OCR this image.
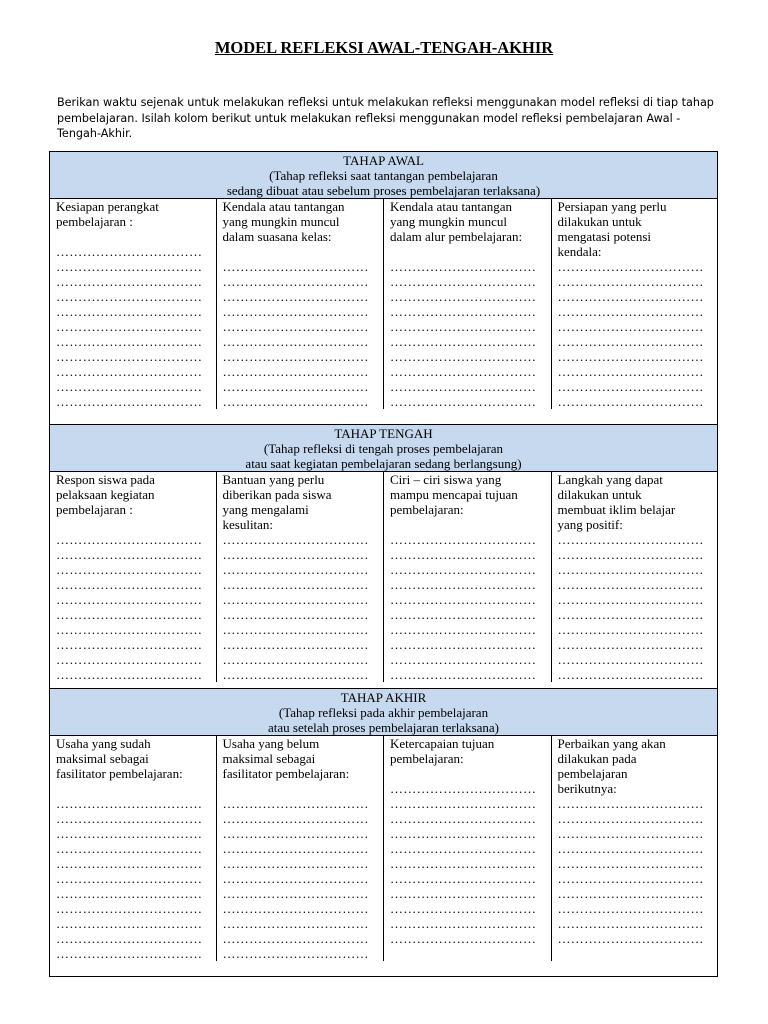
MODEL REFLEKSI AWAL-TENGAH-AKHIR

Berikan waktu sejenak untuk melakukan refleksi untuk melakukan refleksi menggunakan model refleksi di tiap tahap pembelajaran. Isilah kolom berikut untuk melakukan refleksi menggunakan model refleksi pembelajaran Awal - Tengah-Akhir.

TAHAP AWAL
(Tahap refleksi saat tantangan pembelajaran
sedang dibuat atau sebelum proses pembelajaran terlaksana)
Kesiapan perangkat
pembelajaran :
……………………………
……………………………
……………………………
……………………………
……………………………
……………………………
……………………………
……………………………
……………………………
……………………………
……………………………
Kendala atau tantangan
yang mungkin muncul
dalam suasana kelas:
……………………………
……………………………
……………………………
……………………………
……………………………
……………………………
……………………………
……………………………
……………………………
……………………………
Kendala atau tantangan
yang mungkin muncul
dalam alur pembelajaran:
……………………………
……………………………
……………………………
……………………………
……………………………
……………………………
……………………………
……………………………
……………………………
……………………………
Persiapan yang perlu
dilakukan untuk
mengatasi potensi
kendala:
……………………………
……………………………
……………………………
……………………………
……………………………
……………………………
……………………………
……………………………
……………………………
……………………………
TAHAP TENGAH
(Tahap refleksi di tengah proses pembelajaran
atau saat kegiatan pembelajaran sedang berlangsung)
Respon siswa pada
pelaksaan kegiatan
pembelajaran :
……………………………
……………………………
……………………………
……………………………
……………………………
……………………………
……………………………
……………………………
……………………………
……………………………
Bantuan yang perlu
diberikan pada siswa
yang mengalami
kesulitan:
……………………………
……………………………
……………………………
……………………………
……………………………
……………………………
……………………………
……………………………
……………………………
……………………………
Ciri – ciri siswa yang
mampu mencapai tujuan
pembelajaran:
……………………………
……………………………
……………………………
……………………………
……………………………
……………………………
……………………………
……………………………
……………………………
……………………………
Langkah yang dapat
dilakukan untuk
membuat iklim belajar
yang positif:
……………………………
……………………………
……………………………
……………………………
……………………………
……………………………
……………………………
……………………………
……………………………
……………………………
TAHAP AKHIR
(Tahap refleksi pada akhir pembelajaran
atau setelah proses pembelajaran terlaksana)
Usaha yang sudah
maksimal sebagai
fasilitator pembelajaran:
……………………………
……………………………
……………………………
……………………………
……………………………
……………………………
……………………………
……………………………
……………………………
……………………………
……………………………
Usaha yang belum
maksimal sebagai
fasilitator pembelajaran:
……………………………
……………………………
……………………………
……………………………
……………………………
……………………………
……………………………
……………………………
……………………………
……………………………
……………………………
Ketercapaian tujuan
pembelajaran:
……………………………
……………………………
……………………………
……………………………
……………………………
……………………………
……………………………
……………………………
……………………………
……………………………
……………………………
Perbaikan yang akan
dilakukan pada
pembelajaran
berikutnya:
……………………………
……………………………
……………………………
……………………………
……………………………
……………………………
……………………………
……………………………
……………………………
……………………………
